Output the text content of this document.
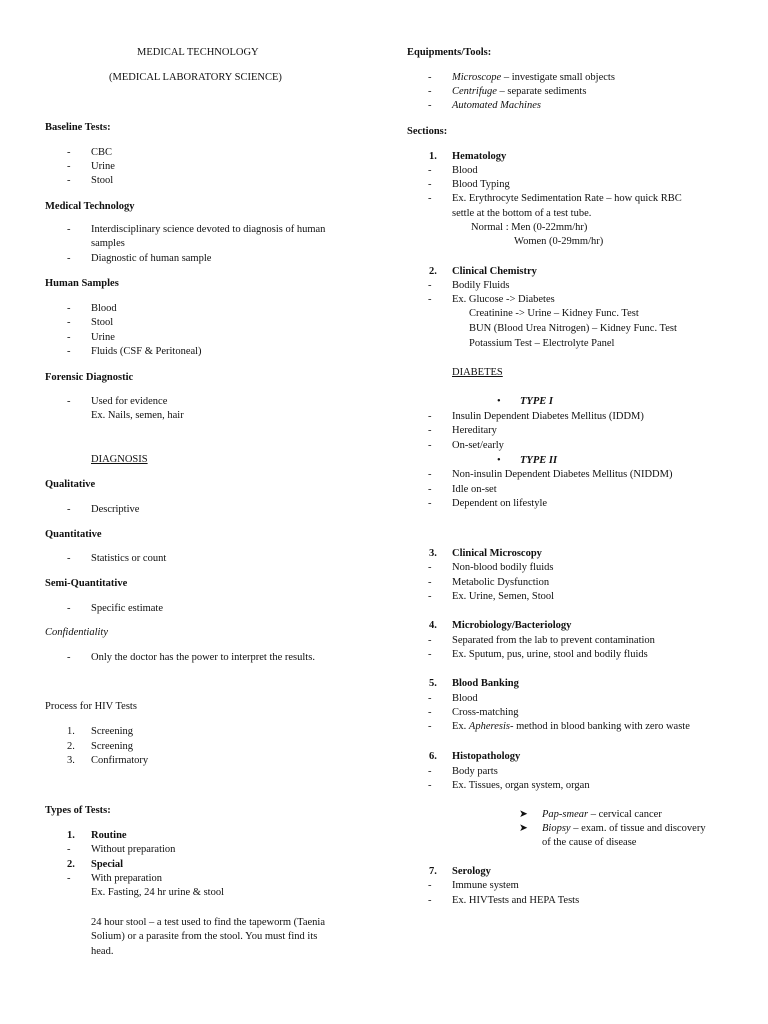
MEDICAL TECHNOLOGY
(MEDICAL LABORATORY SCIENCE)
Baseline Tests:
- CBC
- Urine
- Stool
Medical Technology
- Interdisciplinary science devoted to diagnosis of human
samples
- Diagnostic of human sample
Human Samples
- Blood
- Stool
- Urine
- Fluids (CSF & Peritoneal)
Forensic Diagnostic
- Used for evidence
Ex. Nails, semen, hair
DIAGNOSIS
Qualitative
- Descriptive
Quantitative
- Statistics or count
Semi-Quantitative
- Specific estimate
Confidentiality
- Only the doctor has the power to interpret the results.
Process for HIV Tests
1. Screening
2. Screening
3. Confirmatory
Types of Tests:
1. Routine
- Without preparation
2. Special
- With preparation
Ex. Fasting, 24 hr urine & stool
24 hour stool – a test used to find the tapeworm (Taenia
Solium) or a parasite from the stool. You must find its
head.
Equipments/Tools:
- Microscope – investigate small objects
- Centrifuge – separate sediments
- Automated Machines
Sections:
1. Hematology
- Blood
- Blood Typing
- Ex. Erythrocyte Sedimentation Rate – how quick RBC
settle at the bottom of a test tube.
Normal : Men (0-22mm/hr)
Women (0-29mm/hr)
2. Clinical Chemistry
- Bodily Fluids
- Ex. Glucose -> Diabetes
Creatinine -> Urine – Kidney Func. Test
BUN (Blood Urea Nitrogen) – Kidney Func. Test
Potassium Test – Electrolyte Panel
DIABETES
• TYPE I
- Insulin Dependent Diabetes Mellitus (IDDM)
- Hereditary
- On-set/early
• TYPE II
- Non-insulin Dependent Diabetes Mellitus (NIDDM)
- Idle on-set
- Dependent on lifestyle
3. Clinical Microscopy
- Non-blood bodily fluids
- Metabolic Dysfunction
- Ex. Urine, Semen, Stool
4. Microbiology/Bacteriology
- Separated from the lab to prevent contamination
- Ex. Sputum, pus, urine, stool and bodily fluids
5. Blood Banking
- Blood
- Cross-matching
- Ex. Apheresis- method in blood banking with zero waste
6. Histopathology
- Body parts
- Ex. Tissues, organ system, organ
➤ Pap-smear – cervical cancer
➤ Biopsy – exam. of tissue and discovery
of the cause of disease
7. Serology
- Immune system
- Ex. HIVTests and HEPA Tests
